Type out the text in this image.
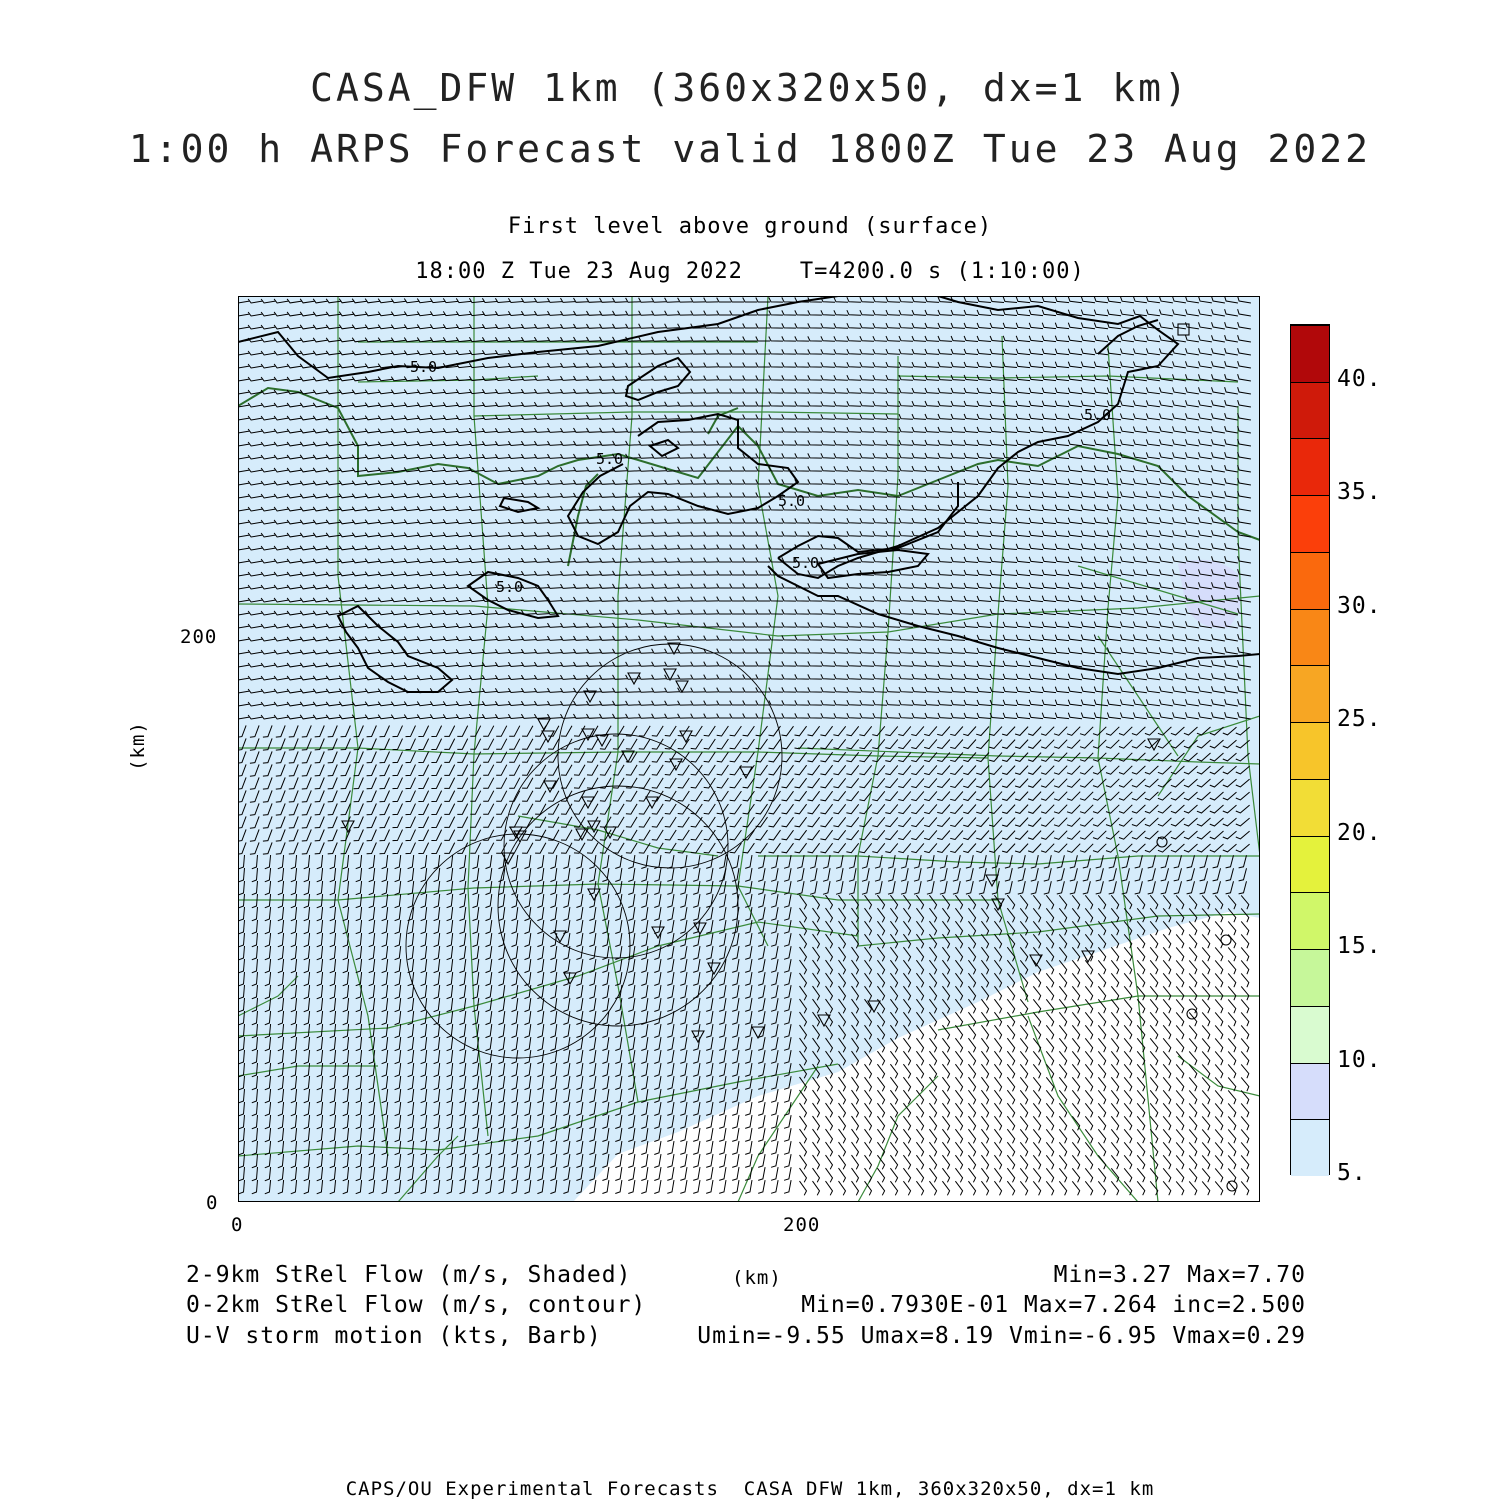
CASA_DFW 1km (360x320x50, dx=1 km)
1:00 h ARPS Forecast valid 1800Z Tue 23 Aug 2022
First level above ground (surface)
18:00 Z Tue 23 Aug 2022    T=4200.0 s (1:10:00)
(km)
200
0
0	200
5.0
5.0
5.0
5.0
5.0
5.0
5.
10.
15.
20.
25.
30.
35.
40.
2-9km StRel Flow (m/s, Shaded)	(km)	Min=3.27 Max=7.70
0-2km StRel Flow (m/s, contour)	Min=0.7930E-01 Max=7.264 inc=2.500
U-V storm motion (kts, Barb)	Umin=-9.55 Umax=8.19 Vmin=-6.95 Vmax=0.29
CAPS/OU Experimental Forecasts  CASA DFW 1km, 360x320x50, dx=1 km
